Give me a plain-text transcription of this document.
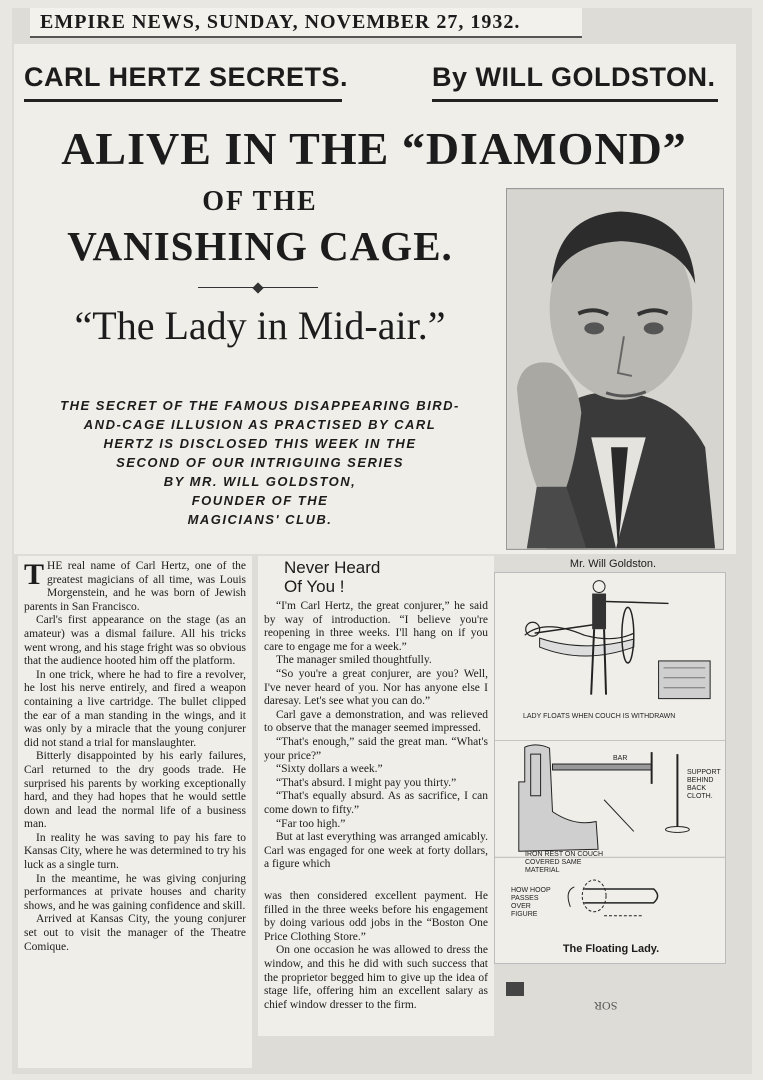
EMPIRE NEWS, SUNDAY, NOVEMBER 27, 1932.
CARL HERTZ SECRETS.	By WILL GOLDSTON.
ALIVE IN THE “DIAMOND”
OF THE
VANISHING CAGE.
“The Lady in Mid-air.”
THE SECRET OF THE FAMOUS DISAPPEARING BIRD-
AND-CAGE ILLUSION AS PRACTISED BY CARL
HERTZ IS DISCLOSED THIS WEEK IN THE
SECOND OF OUR INTRIGUING SERIES
BY MR. WILL GOLDSTON,
FOUNDER OF THE
MAGICIANS' CLUB.
Mr. Will Goldston.

THE real name of Carl Hertz, one of the greatest magicians of all time, was Louis Morgenstein, and he was born of Jewish parents in San Francisco.

Carl's first appearance on the stage (as an amateur) was a dismal failure. All his tricks went wrong, and his stage fright was so obvious that the audience hooted him off the platform.

In one trick, where he had to fire a revolver, he lost his nerve entirely, and fired a weapon containing a live cartridge. The bullet clipped the ear of a man standing in the wings, and it was only by a miracle that the young conjurer did not stand a trial for manslaughter.

Bitterly disappointed by his early failures, Carl returned to the dry goods trade. He surprised his parents by working exceptionally hard, and they had hopes that he would settle down and lead the normal life of a business man.

In reality he was saving to pay his fare to Kansas City, where he was determined to try his luck as a single turn.

In the meantime, he was giving conjuring performances at private houses and charity shows, and he was gaining confidence and skill.

Arrived at Kansas City, the young conjurer set out to visit the manager of the Theatre Comique.

Never Heard
Of You !

“I'm Carl Hertz, the great conjurer,” he said by way of introduction. “I believe you're reopening in three weeks. I'll hang on if you care to engage me for a week.”

The manager smiled thoughtfully.

“So you're a great conjurer, are you? Well, I've never heard of you. Nor has anyone else I daresay. Let's see what you can do.”

Carl gave a demonstration, and was relieved to observe that the manager seemed impressed.

“That's enough,” said the great man. “What's your price?”

“Sixty dollars a week.”

“That's absurd. I might pay you thirty.”

“That's equally absurd. As as sacrifice, I can come down to fifty.”

“Far too high.”

But at last everything was arranged amicably. Carl was engaged for one week at forty dollars, a figure which

was then considered excellent payment. He filled in the three weeks before his engagement by doing various odd jobs in the “Boston One Price Clothing Store.”

On one occasion he was allowed to dress the window, and this he did with such success that the proprietor begged him to give up the idea of stage life, offering him an excellent salary as chief window dresser to the firm.

LADY FLOATS WHEN COUCH IS WITHDRAWN
BAR
SUPPORT BEHIND BACK CLOTH.
IRON REST ON COUCH COVERED SAME MATERIAL
HOW HOOP PASSES OVER FIGURE
The Floating Lady.
SOR
